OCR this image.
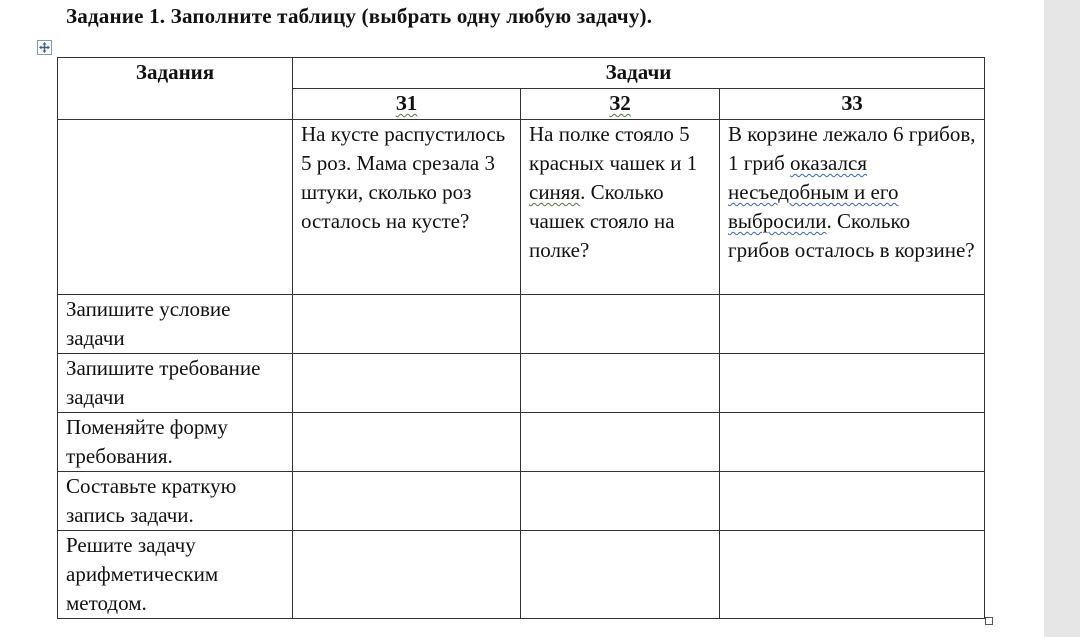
Задание 1. Заполните таблицу (выбрать одну любую задачу).
Задания	Задачи		
	З1	З2	З3

	На кусте распустилось 5 роз. Мама срезала 3 штуки, сколько роз осталось на кусте?	На полке стояло 5 красных чашек и 1 синяя. Сколько чашек стояло на полке?	В корзине лежало 6 грибов, 1 гриб оказался несъедобным и его выбросили. Сколько грибов осталось в корзине?
Запишите условие задачи			
Запишите требование задачи			
Поменяйте форму требования.			
Составьте краткую запись задачи.			
Решите задачу арифметическим методом.			
